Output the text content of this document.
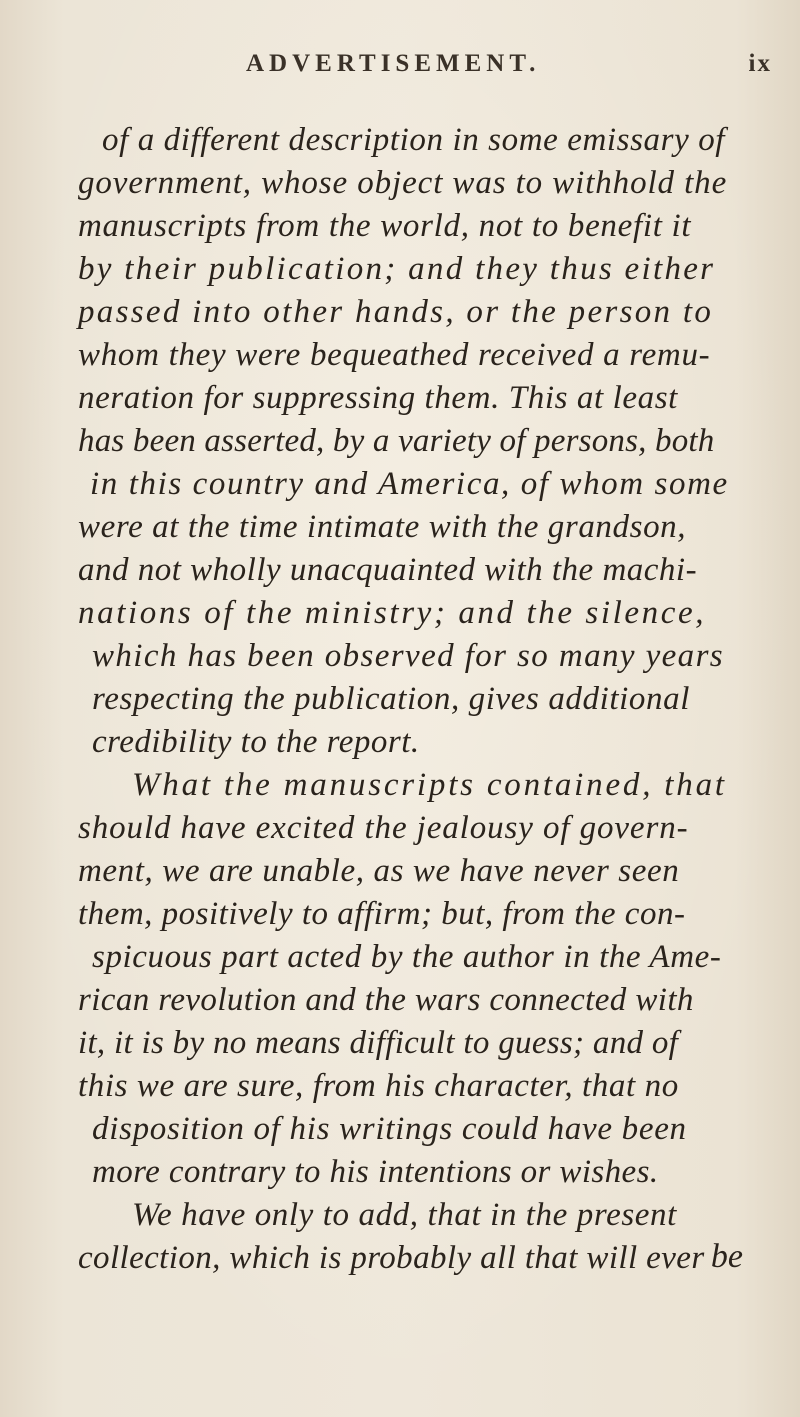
ADVERTISEMENT.	ix
of a different description in some emissary of
government, whose object was to withhold the
manuscripts from the world, not to benefit it
by their publication; and they thus either
passed into other hands, or the person to
whom they were bequeathed received a remu-
neration for suppressing them. This at least
has been asserted, by a variety of persons, both
in this country and America, of whom some
were at the time intimate with the grandson,
and not wholly unacquainted with the machi-
nations of the ministry; and the silence,
which has been observed for so many years
respecting the publication, gives additional
credibility to the report.
What the manuscripts contained, that
should have excited the jealousy of govern-
ment, we are unable, as we have never seen
them, positively to affirm; but, from the con-
spicuous part acted by the author in the Ame-
rican revolution and the wars connected with
it, it is by no means difficult to guess; and of
this we are sure, from his character, that no
disposition of his writings could have been
more contrary to his intentions or wishes.
We have only to add, that in the present
collection, which is probably all that will ever be
